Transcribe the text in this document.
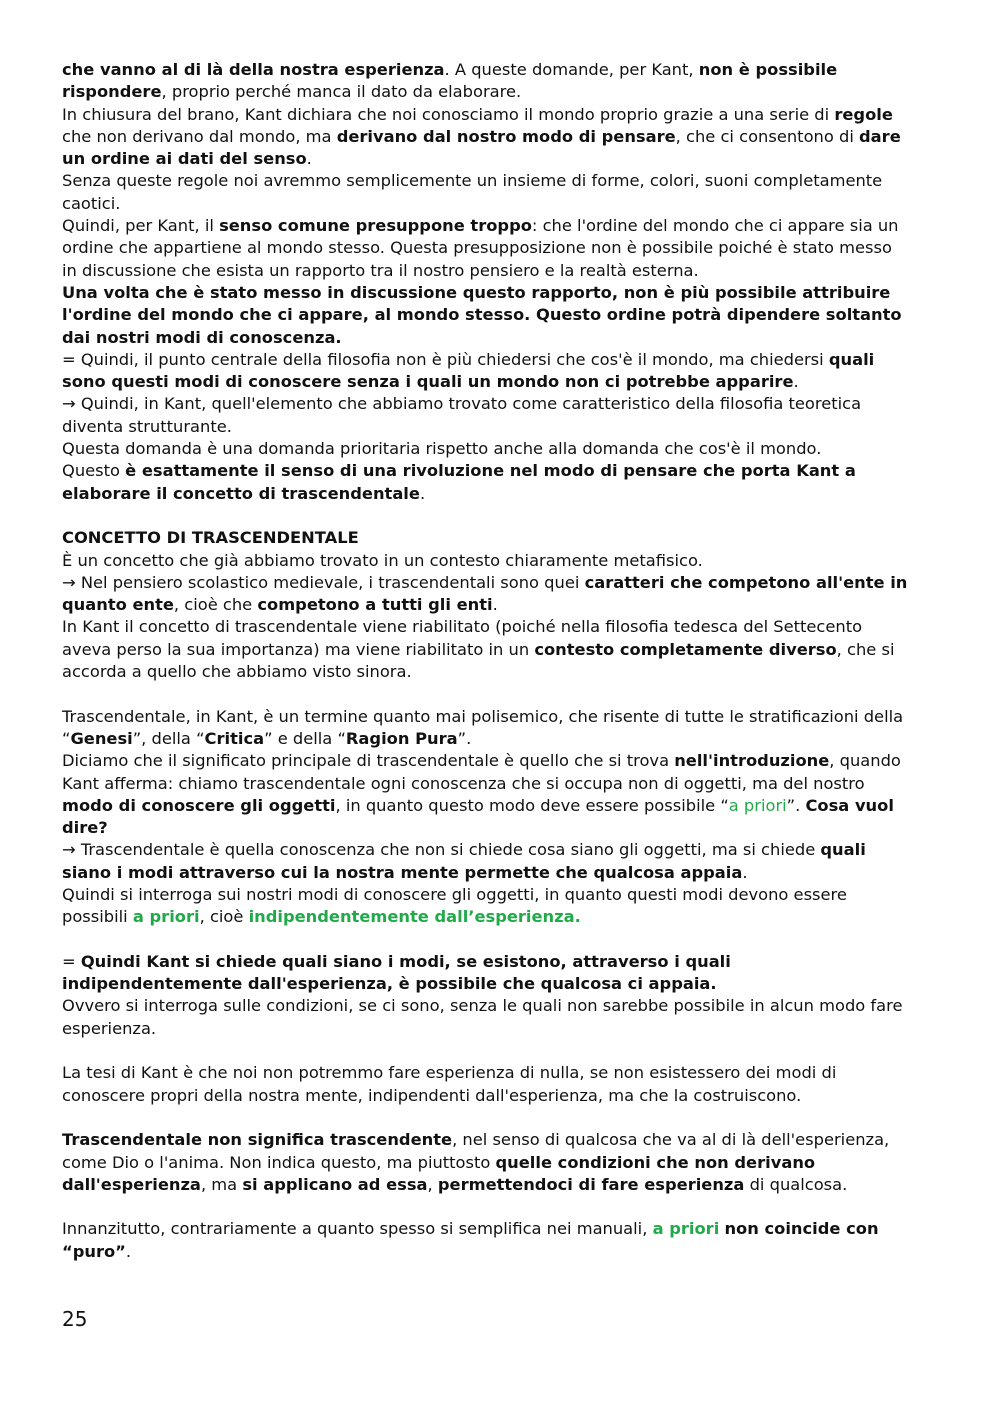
che vanno al di là della nostra esperienza. A queste domande, per Kant, non è possibile
rispondere, proprio perché manca il dato da elaborare.
In chiusura del brano, Kant dichiara che noi conosciamo il mondo proprio grazie a una serie di regole
che non derivano dal mondo, ma derivano dal nostro modo di pensare, che ci consentono di dare
un ordine ai dati del senso.
Senza queste regole noi avremmo semplicemente un insieme di forme, colori, suoni completamente
caotici.
Quindi, per Kant, il senso comune presuppone troppo: che l'ordine del mondo che ci appare sia un
ordine che appartiene al mondo stesso. Questa presupposizione non è possibile poiché è stato messo
in discussione che esista un rapporto tra il nostro pensiero e la realtà esterna.
Una volta che è stato messo in discussione questo rapporto, non è più possibile attribuire
l'ordine del mondo che ci appare, al mondo stesso. Questo ordine potrà dipendere soltanto
dai nostri modi di conoscenza.
= Quindi, il punto centrale della filosofia non è più chiedersi che cos'è il mondo, ma chiedersi quali
sono questi modi di conoscere senza i quali un mondo non ci potrebbe apparire.
→ Quindi, in Kant, quell'elemento che abbiamo trovato come caratteristico della filosofia teoretica
diventa strutturante.
Questa domanda è una domanda prioritaria rispetto anche alla domanda che cos'è il mondo.
Questo è esattamente il senso di una rivoluzione nel modo di pensare che porta Kant a
elaborare il concetto di trascendentale.
CONCETTO DI TRASCENDENTALE
È un concetto che già abbiamo trovato in un contesto chiaramente metafisico.
→ Nel pensiero scolastico medievale, i trascendentali sono quei caratteri che competono all'ente in
quanto ente, cioè che competono a tutti gli enti.
In Kant il concetto di trascendentale viene riabilitato (poiché nella filosofia tedesca del Settecento
aveva perso la sua importanza) ma viene riabilitato in un contesto completamente diverso, che si
accorda a quello che abbiamo visto sinora.
Trascendentale, in Kant, è un termine quanto mai polisemico, che risente di tutte le stratificazioni della
“Genesi”, della “Critica” e della “Ragion Pura”.
Diciamo che il significato principale di trascendentale è quello che si trova nell'introduzione, quando
Kant afferma: chiamo trascendentale ogni conoscenza che si occupa non di oggetti, ma del nostro
modo di conoscere gli oggetti, in quanto questo modo deve essere possibile “a priori”. Cosa vuol
dire?
→ Trascendentale è quella conoscenza che non si chiede cosa siano gli oggetti, ma si chiede quali
siano i modi attraverso cui la nostra mente permette che qualcosa appaia.
Quindi si interroga sui nostri modi di conoscere gli oggetti, in quanto questi modi devono essere
possibili a priori, cioè indipendentemente dall’esperienza.
= Quindi Kant si chiede quali siano i modi, se esistono, attraverso i quali
indipendentemente dall'esperienza, è possibile che qualcosa ci appaia.
Ovvero si interroga sulle condizioni, se ci sono, senza le quali non sarebbe possibile in alcun modo fare
esperienza.
La tesi di Kant è che noi non potremmo fare esperienza di nulla, se non esistessero dei modi di
conoscere propri della nostra mente, indipendenti dall'esperienza, ma che la costruiscono.
Trascendentale non significa trascendente, nel senso di qualcosa che va al di là dell'esperienza,
come Dio o l'anima. Non indica questo, ma piuttosto quelle condizioni che non derivano
dall'esperienza, ma si applicano ad essa, permettendoci di fare esperienza di qualcosa.
Innanzitutto, contrariamente a quanto spesso si semplifica nei manuali, a priori non coincide con
“puro”.
25
